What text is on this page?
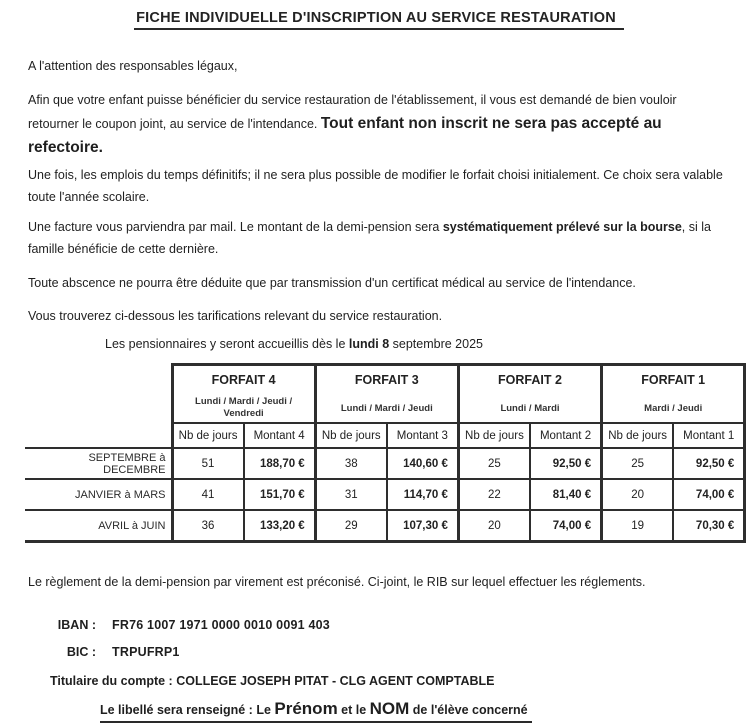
FICHE INDIVIDUELLE D'INSCRIPTION AU SERVICE RESTAURATION

A l'attention des responsables légaux,

Afin que votre enfant puisse bénéficier du service restauration de l'établissement, il vous est demandé de bien vouloir retourner le coupon joint, au service de l'intendance. Tout enfant non inscrit ne sera pas accepté au refectoire.

Une fois, les emplois du temps définitifs; il ne sera plus possible de modifier le forfait choisi initialement. Ce choix sera valable toute l'année scolaire.

Une facture vous parviendra par mail. Le montant de la demi-pension sera systématiquement prélevé sur la bourse, si la famille bénéficie de cette dernière.

Toute abscence ne pourra être déduite que par transmission d'un certificat médical au service de l'intendance.

Vous trouverez ci-dessous les tarifications relevant du service restauration.

Les pensionnaires y seront accueillis dès le lundi 8 septembre 2025

FORFAIT 4
Lundi / Mardi / Jeudi / Vendredi

FORFAIT 3
Lundi / Mardi / Jeudi

FORFAIT 2
Lundi / Mardi

FORFAIT 1
Mardi / Jeudi

	Nb de jours	Montant 4	Nb de jours	Montant 3	Nb de jours	Montant 2	Nb de jours	Montant 1
SEPTEMBRE à DECEMBRE	51	188,70 €	38	140,60 €	25	92,50 €	25	92,50 €
JANVIER à MARS	41	151,70 €	31	114,70 €	22	81,40 €	20	74,00 €
AVRIL à JUIN	36	133,20 €	29	107,30 €	20	74,00 €	19	70,30 €

Le règlement de la demi-pension par virement est préconisé. Ci-joint, le RIB sur lequel effectuer les réglements.

IBAN : FR76 1007 1971 0000 0010 0091 403
BIC : TRPUFRP1
Titulaire du compte : COLLEGE JOSEPH PITAT - CLG AGENT COMPTABLE
Le libellé sera renseigné : Le Prénom et le NOM de l'élève concerné
